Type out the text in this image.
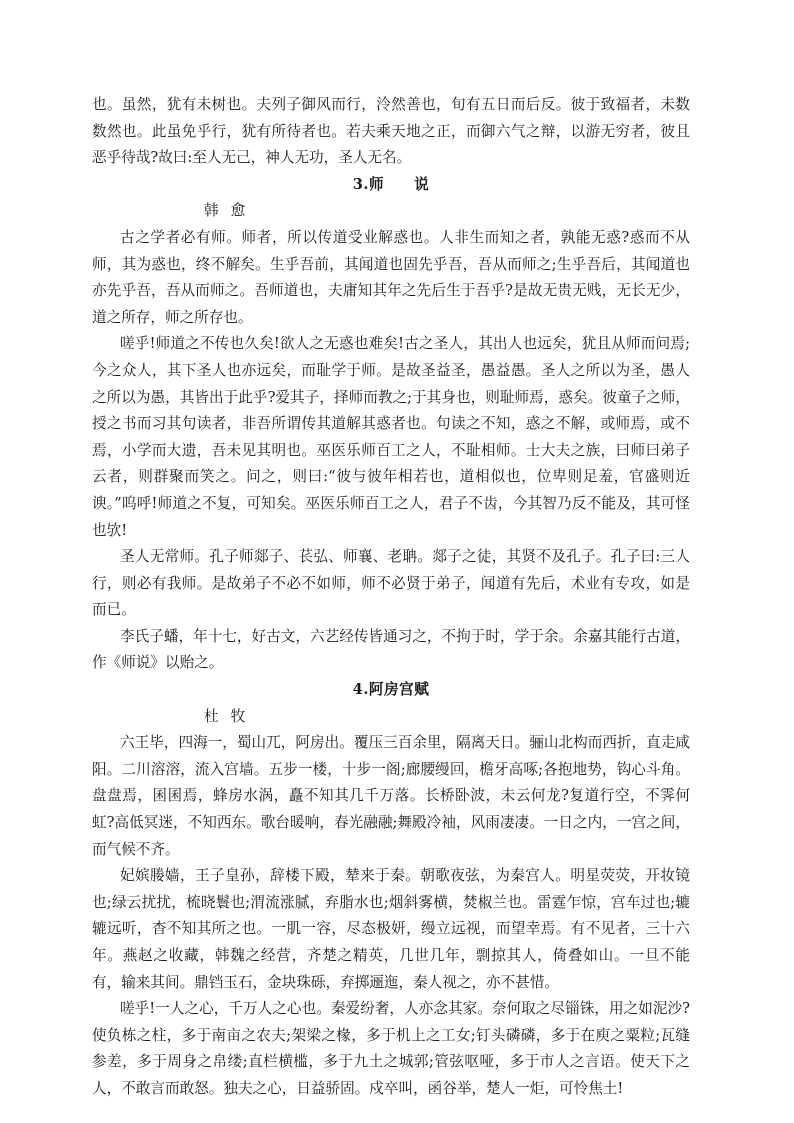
也。虽然，犹有未树也。夫列子御风而行，泠然善也，旬有五日而后反。彼于致福者，未数数然也。此虽免乎行，犹有所待者也。若夫乘天地之正，而御六气之辩，以游无穷者，彼且恶乎待哉?故曰:至人无己，神人无功，圣人无名。

3.师 说

韩愈

古之学者必有师。师者，所以传道受业解惑也。人非生而知之者，孰能无惑?惑而不从师，其为惑也，终不解矣。生乎吾前，其闻道也固先乎吾，吾从而师之;生乎吾后，其闻道也亦先乎吾，吾从而师之。吾师道也，夫庸知其年之先后生于吾乎?是故无贵无贱，无长无少，道之所存，师之所存也。

嗟乎!师道之不传也久矣!欲人之无惑也难矣!古之圣人，其出人也远矣，犹且从师而问焉;今之众人，其下圣人也亦远矣，而耻学于师。是故圣益圣，愚益愚。圣人之所以为圣，愚人之所以为愚，其皆出于此乎?爱其子，择师而教之;于其身也，则耻师焉，惑矣。彼童子之师，授之书而习其句读者，非吾所谓传其道解其惑者也。句读之不知，惑之不解，或师焉，或不焉，小学而大遗，吾未见其明也。巫医乐师百工之人，不耻相师。士大夫之族，曰师曰弟子云者，则群聚而笑之。问之，则曰:“彼与彼年相若也，道相似也，位卑则足羞，官盛则近谀。”呜呼!师道之不复，可知矣。巫医乐师百工之人，君子不齿，今其智乃反不能及，其可怪也欤!

圣人无常师。孔子师郯子、苌弘、师襄、老聃。郯子之徒，其贤不及孔子。孔子曰:三人行，则必有我师。是故弟子不必不如师，师不必贤于弟子，闻道有先后，术业有专攻，如是而已。

李氏子蟠，年十七，好古文，六艺经传皆通习之，不拘于时，学于余。余嘉其能行古道，作《师说》以贻之。

4.阿房宫赋

杜牧

六王毕，四海一，蜀山兀，阿房出。覆压三百余里，隔离天日。骊山北构而西折，直走咸阳。二川溶溶，流入宫墙。五步一楼，十步一阁;廊腰缦回，檐牙高啄;各抱地势，钩心斗角。盘盘焉，囷囷焉，蜂房水涡，矗不知其几千万落。长桥卧波，未云何龙?复道行空，不霁何虹?高低冥迷，不知西东。歌台暖响，春光融融;舞殿冷袖，风雨凄凄。一日之内，一宫之间，而气候不齐。

妃嫔媵嫱，王子皇孙，辞楼下殿，辇来于秦。朝歌夜弦，为秦宫人。明星荧荧，开妆镜也;绿云扰扰，梳晓鬟也;渭流涨腻，弃脂水也;烟斜雾横，焚椒兰也。雷霆乍惊，宫车过也;辘辘远听，杳不知其所之也。一肌一容，尽态极妍，缦立远视，而望幸焉。有不见者，三十六年。燕赵之收藏，韩魏之经营，齐楚之精英，几世几年，剽掠其人，倚叠如山。一旦不能有，输来其间。鼎铛玉石，金块珠砾，弃掷逦迤，秦人视之，亦不甚惜。

嗟乎!一人之心，千万人之心也。秦爱纷奢，人亦念其家。奈何取之尽锱铢，用之如泥沙?使负栋之柱，多于南亩之农夫;架梁之椽，多于机上之工女;钉头磷磷，多于在庾之粟粒;瓦缝参差，多于周身之帛缕;直栏横槛，多于九土之城郭;管弦呕哑，多于市人之言语。使天下之人，不敢言而敢怒。独夫之心，日益骄固。戍卒叫，函谷举，楚人一炬，可怜焦土!
